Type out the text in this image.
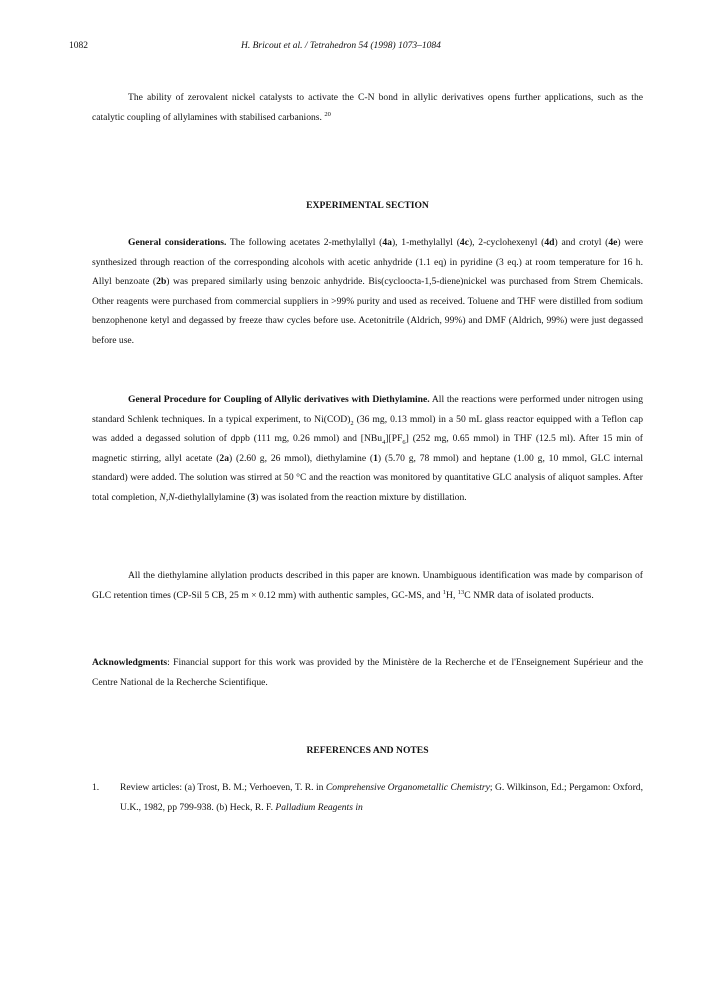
1082	H. Bricout et al. / Tetrahedron 54 (1998) 1073–1084

The ability of zerovalent nickel catalysts to activate the C-N bond in allylic derivatives opens further applications, such as the catalytic coupling of allylamines with stabilised carbanions. $^{20}$

EXPERIMENTAL SECTION

General considerations. The following acetates 2-methylallyl (4a), 1-methylallyl (4c), 2-cyclohexenyl (4d) and crotyl (4e) were synthesized through reaction of the corresponding alcohols with acetic anhydride (1.1 eq) in pyridine (3 eq.) at room temperature for 16 h. Allyl benzoate (2b) was prepared similarly using benzoic anhydride. Bis(cycloocta-1,5-diene)nickel was purchased from Strem Chemicals. Other reagents were purchased from commercial suppliers in >99% purity and used as received. Toluene and THF were distilled from sodium benzophenone ketyl and degassed by freeze thaw cycles before use. Acetonitrile (Aldrich, 99%) and DMF (Aldrich, 99%) were just degassed before use.

General Procedure for Coupling of Allylic derivatives with Diethylamine. All the reactions were performed under nitrogen using standard Schlenk techniques. In a typical experiment, to $Ni(COD)_2$ (36 mg, 0.13 mmol) in a 50 mL glass reactor equipped with a Teflon cap was added a degassed solution of dppb (111 mg, 0.26 mmol) and $[NBu_4][PF_6]$ (252 mg, 0.65 mmol) in THF (12.5 ml). After 15 min of magnetic stirring, allyl acetate (2a) (2.60 g, 26 mmol), diethylamine (1) (5.70 g, 78 mmol) and heptane (1.00 g, 10 mmol, GLC internal standard) were added. The solution was stirred at 50 °C and the reaction was monitored by quantitative GLC analysis of aliquot samples. After total completion, N,N-diethylallylamine (3) was isolated from the reaction mixture by distillation.

All the diethylamine allylation products described in this paper are known. Unambiguous identification was made by comparison of GLC retention times (CP-Sil 5 CB, 25 m × 0.12 mm) with authentic samples, GC-MS, and $^1$H, $^{13}$C NMR data of isolated products.

Acknowledgments: Financial support for this work was provided by the Ministère de la Recherche et de l'Enseignement Supérieur and the Centre National de la Recherche Scientifique.

REFERENCES AND NOTES
1. Review articles: (a) Trost, B. M.; Verhoeven, T. R. in Comprehensive Organometallic Chemistry; G. Wilkinson, Ed.; Pergamon: Oxford, U.K., 1982, pp 799-938. (b) Heck, R. F. Palladium Reagents in
